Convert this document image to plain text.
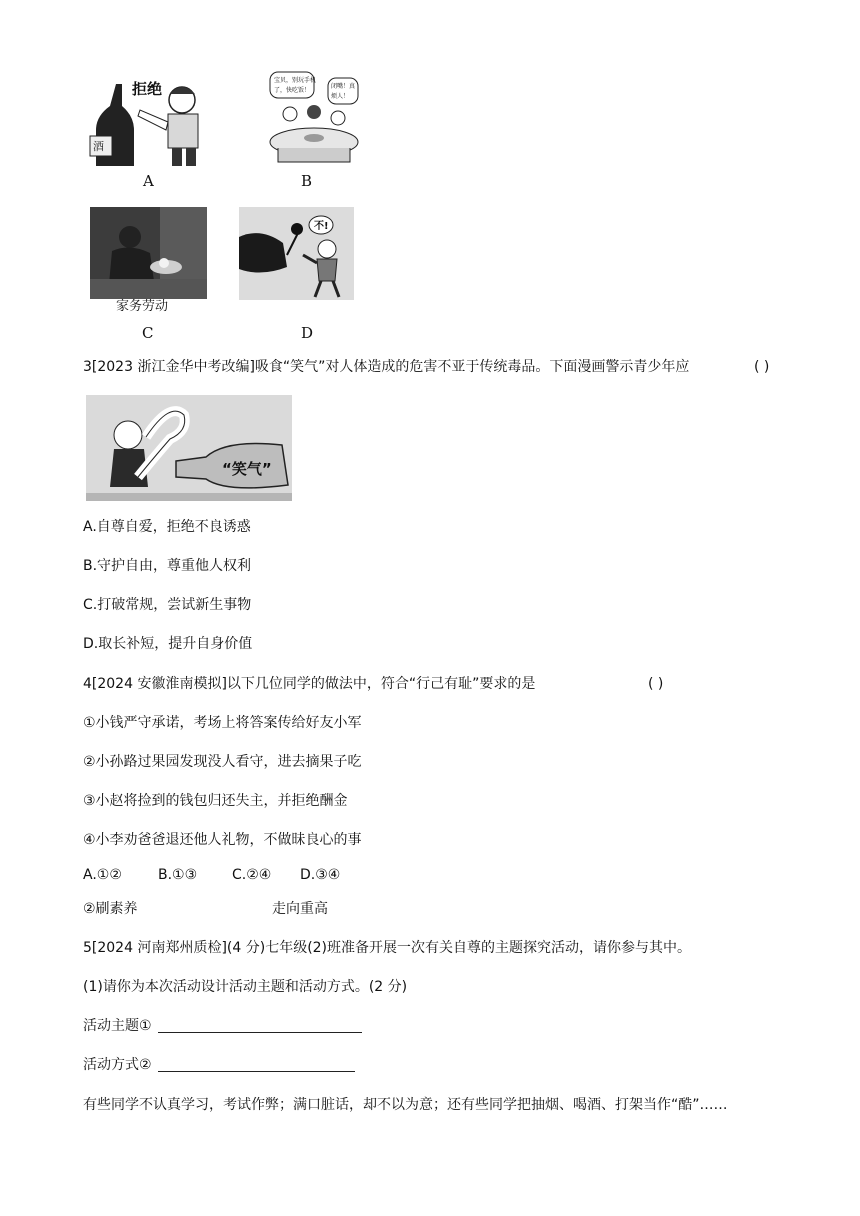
酒
拒绝
A
宝贝，别玩手机
了，快吃饭！
闭嘴！真
烦人！
B
家务劳动
C
不!
D
3[2023 浙江金华中考改编]吸食“笑气”对人体造成的危害不亚于传统毒品。下面漫画警示青少年应	( )
“笑气”
A.自尊自爱，拒绝不良诱惑
B.守护自由，尊重他人权利
C.打破常规，尝试新生事物
D.取长补短，提升自身价值
4[2024 安徽淮南模拟]以下几位同学的做法中，符合“行己有耻”要求的是	( )
①小钱严守承诺，考场上将答案传给好友小军
②小孙路过果园发现没人看守，进去摘果子吃
③小赵将捡到的钱包归还失主，并拒绝酬金
④小李劝爸爸退还他人礼物，不做昧良心的事
A.①②	B.①③ C.②④ D.③④
②刷素养	走向重高
5[2024 河南郑州质检](4 分)七年级(2)班准备开展一次有关自尊的主题探究活动，请你参与其中。
(1)请你为本次活动设计活动主题和活动方式。(2 分)
活动主题①
活动方式②
有些同学不认真学习，考试作弊；满口脏话，却不以为意；还有些同学把抽烟、喝酒、打架当作“酷”……
